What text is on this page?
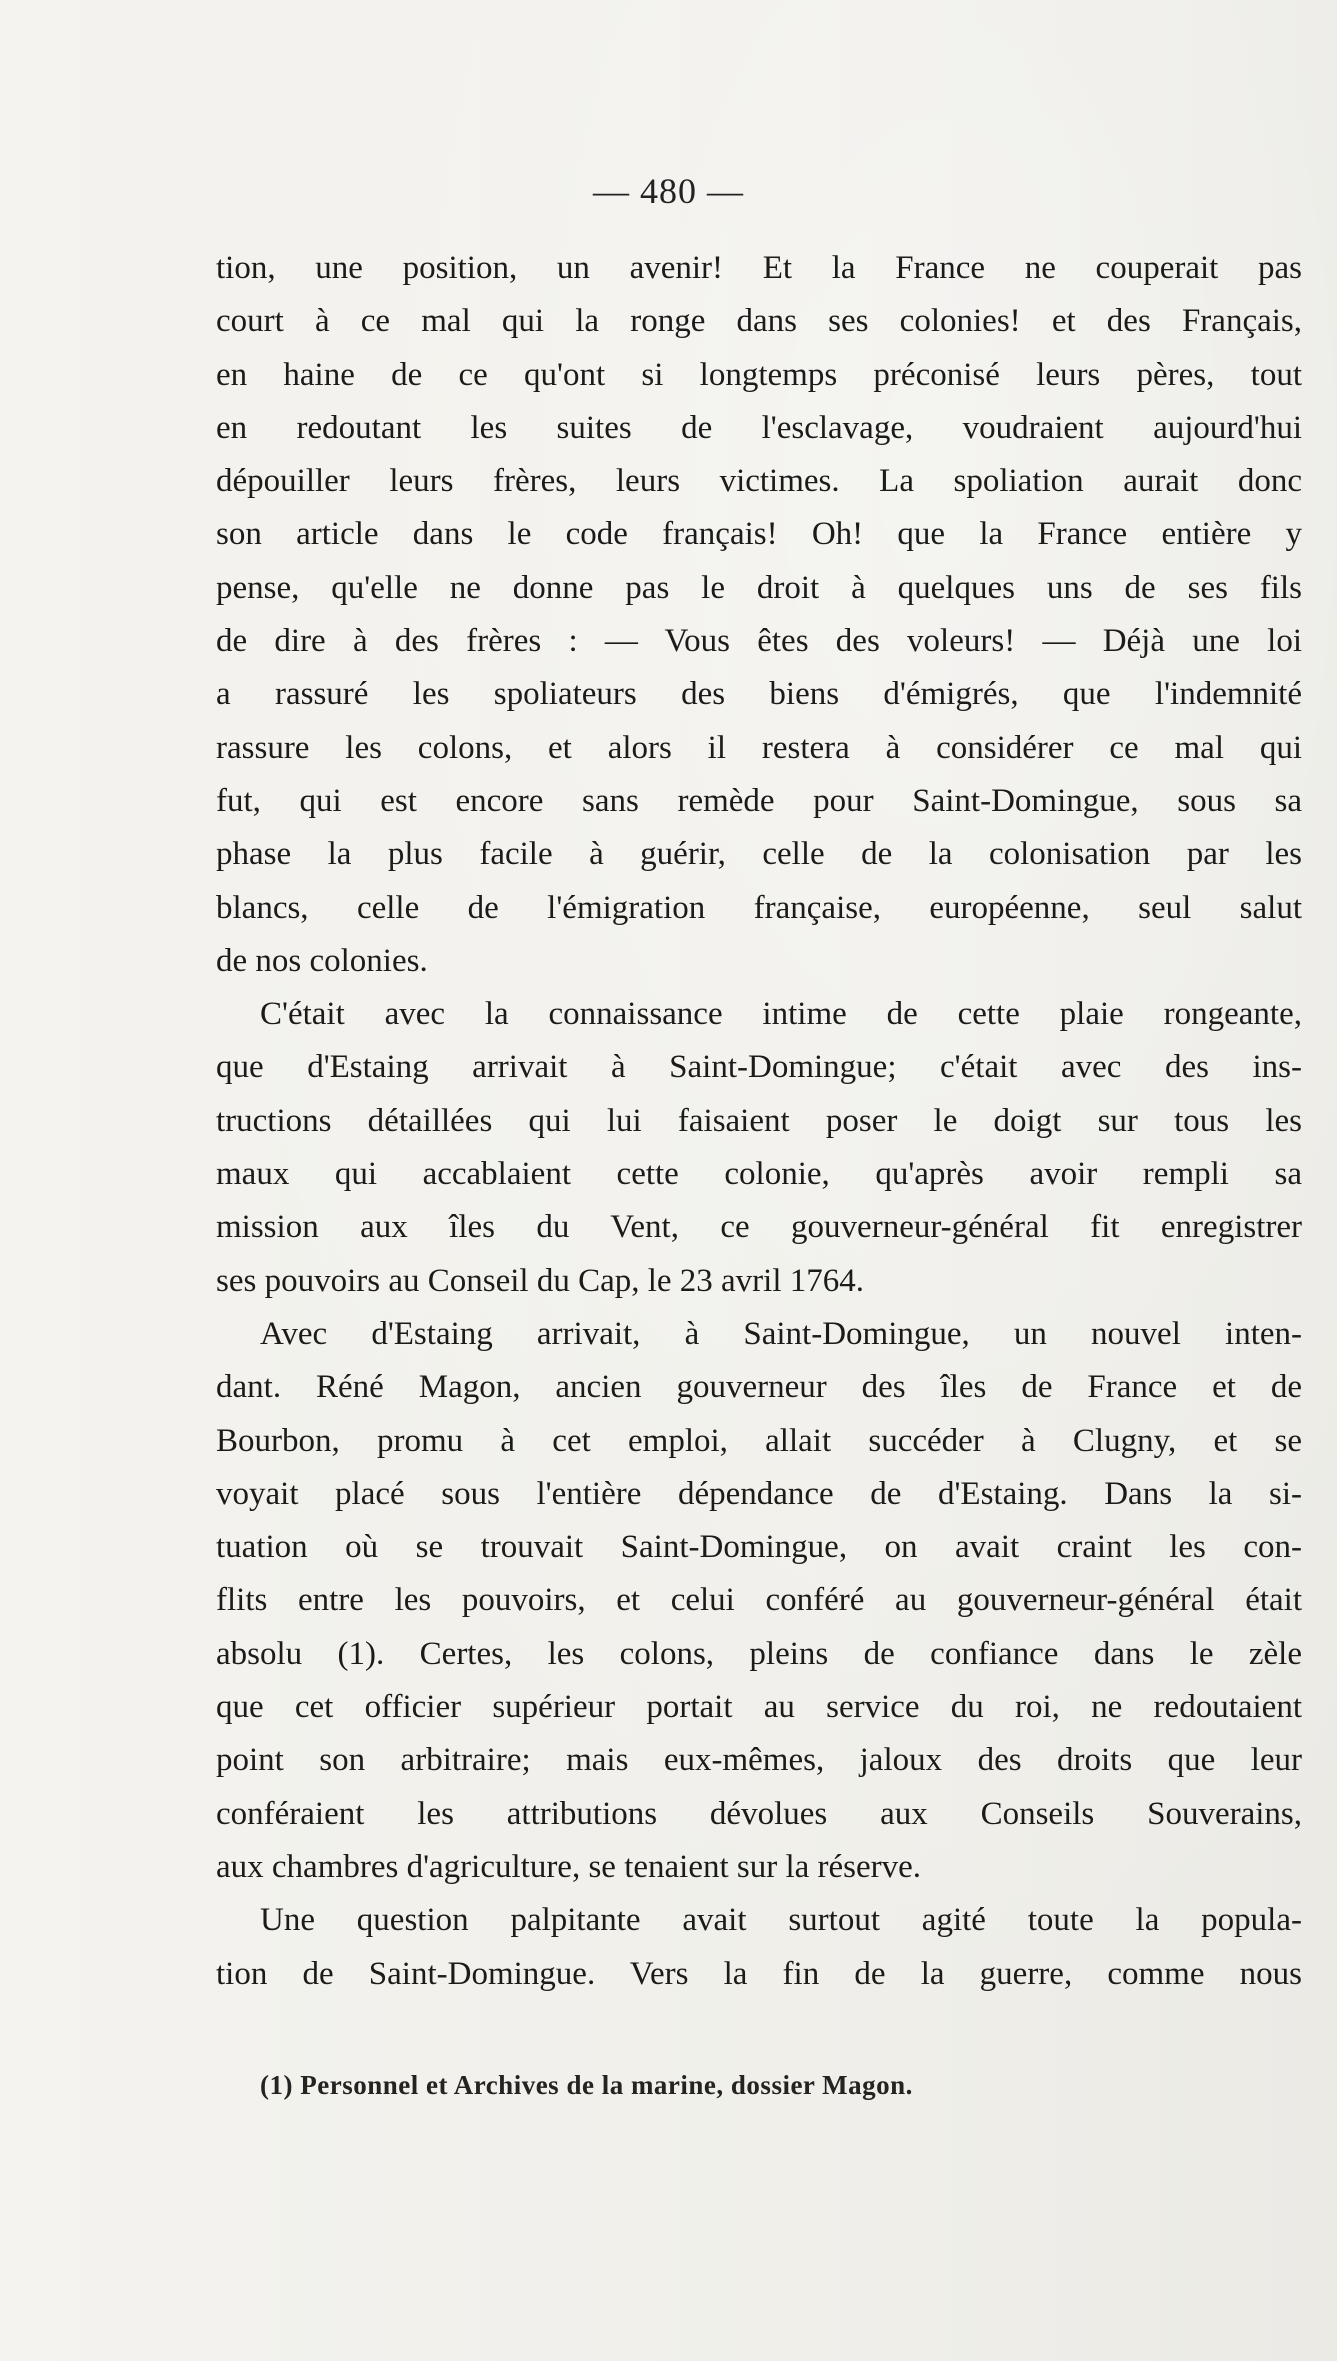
— 480 —
tion, une position, un avenir! Et la France ne couperait pas
court à ce mal qui la ronge dans ses colonies! et des Français,
en haine de ce qu'ont si longtemps préconisé leurs pères, tout
en redoutant les suites de l'esclavage, voudraient aujourd'hui
dépouiller leurs frères, leurs victimes. La spoliation aurait donc
son article dans le code français! Oh! que la France entière y
pense, qu'elle ne donne pas le droit à quelques uns de ses fils
de dire à des frères : — Vous êtes des voleurs! — Déjà une loi
a rassuré les spoliateurs des biens d'émigrés, que l'indemnité
rassure les colons, et alors il restera à considérer ce mal qui
fut, qui est encore sans remède pour Saint-Domingue, sous sa
phase la plus facile à guérir, celle de la colonisation par les
blancs, celle de l'émigration française, européenne, seul salut
de nos colonies.
C'était avec la connaissance intime de cette plaie rongeante,
que d'Estaing arrivait à Saint-Domingue; c'était avec des ins-
tructions détaillées qui lui faisaient poser le doigt sur tous les
maux qui accablaient cette colonie, qu'après avoir rempli sa
mission aux îles du Vent, ce gouverneur-général fit enregistrer
ses pouvoirs au Conseil du Cap, le 23 avril 1764.
Avec d'Estaing arrivait, à Saint-Domingue, un nouvel inten-
dant. Réné Magon, ancien gouverneur des îles de France et de
Bourbon, promu à cet emploi, allait succéder à Clugny, et se
voyait placé sous l'entière dépendance de d'Estaing. Dans la si-
tuation où se trouvait Saint-Domingue, on avait craint les con-
flits entre les pouvoirs, et celui conféré au gouverneur-général était
absolu (1). Certes, les colons, pleins de confiance dans le zèle
que cet officier supérieur portait au service du roi, ne redoutaient
point son arbitraire; mais eux-mêmes, jaloux des droits que leur
conféraient les attributions dévolues aux Conseils Souverains,
aux chambres d'agriculture, se tenaient sur la réserve.
Une question palpitante avait surtout agité toute la popula-
tion de Saint-Domingue. Vers la fin de la guerre, comme nous
(1) Personnel et Archives de la marine, dossier Magon.
